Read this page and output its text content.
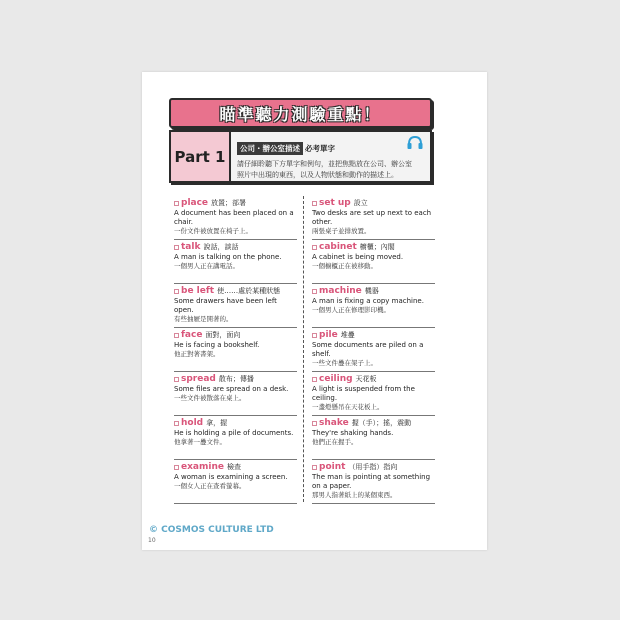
瞄準聽力測驗重點！
Part 1	公司・辦公室描述 必考單字
請仔細聆聽下方單字和例句，並把焦點放在公司、辦公室照片中出現的東西，以及人物狀態和動作的描述上。
place 放置；部署
A document has been placed on a chair.
一份文件被放置在椅子上。
talk 說話，談話
A man is talking on the phone.
一個男人正在講電話。
be left 使……處於某種狀態
Some drawers have been left open.
有些抽屜是開著的。
face 面對，面向
He is facing a bookshelf.
他正對著書架。
spread 散布；傳播
Some files are spread on a desk.
一些文件被散落在桌上。
hold 拿，握
He is holding a pile of documents.
他拿著一疊文件。
examine 檢查
A woman is examining a screen.
一個女人正在查看螢幕。
set up 設立
Two desks are set up next to each other.
兩張桌子並排放置。
cabinet 櫥櫃；內閣
A cabinet is being moved.
一個櫥櫃正在被移動。
machine 機器
A man is fixing a copy machine.
一個男人正在修理影印機。
pile 堆疊
Some documents are piled on a shelf.
一些文件疊在架子上。
ceiling 天花板
A light is suspended from the ceiling.
一盞燈懸吊在天花板上。
shake 握（手）；搖，震動
They're shaking hands.
他們正在握手。
point （用手指）指向
The man is pointing at something on a paper.
那男人指著紙上的某個東西。
© COSMOS CULTURE LTD
10
